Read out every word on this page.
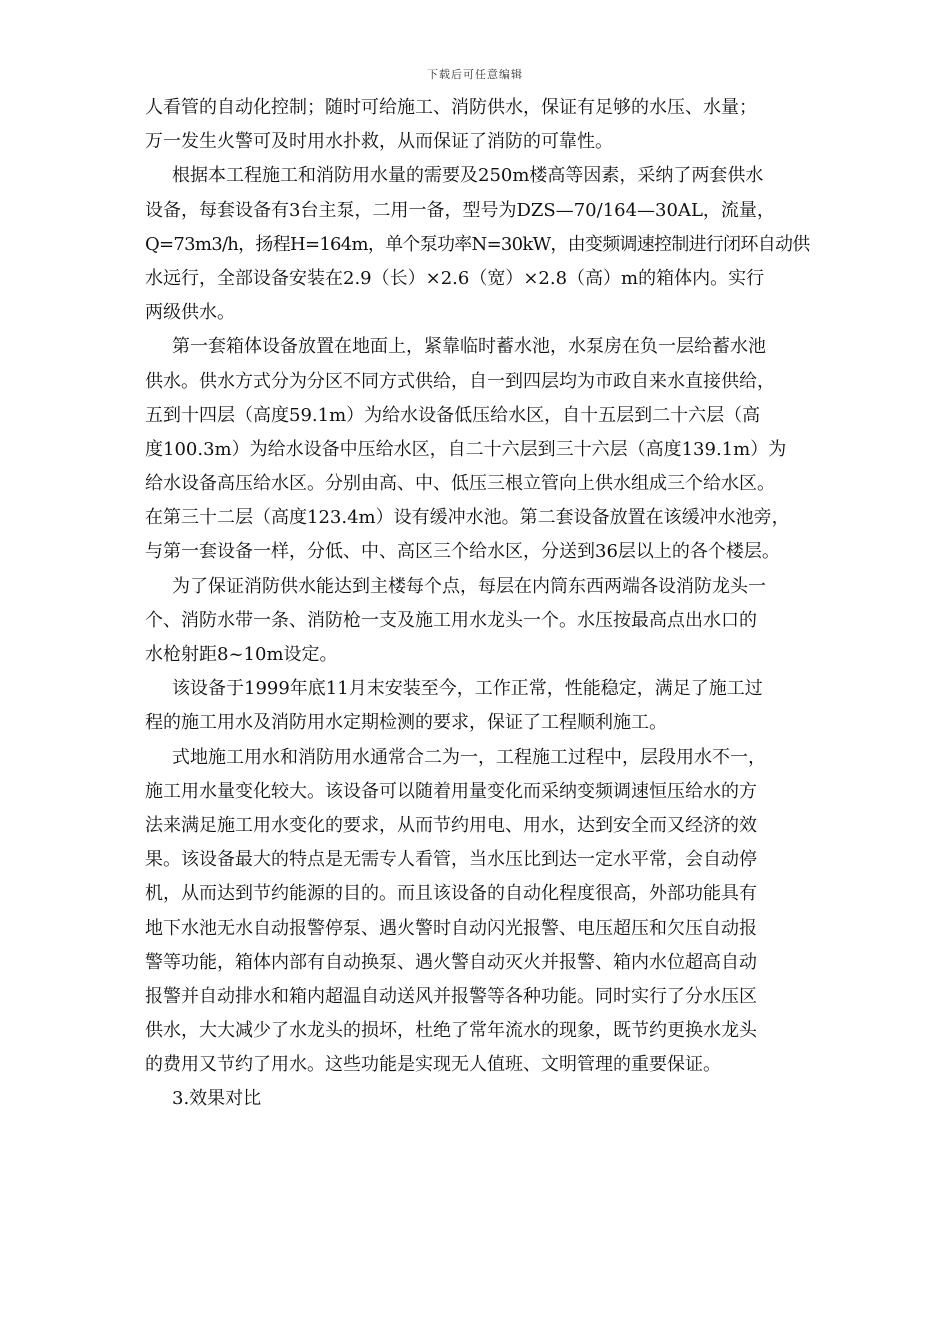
下载后可任意编辑
人看管的自动化控制；随时可给施工、消防供水，保证有足够的水压、水量；
万一发生火警可及时用水扑救，从而保证了消防的可靠性。
根据本工程施工和消防用水量的需要及250m楼高等因素，采纳了两套供水
设备，每套设备有3台主泵，二用一备，型号为DZS—70/164—30AL，流量，
Q=73m3/h，扬程H=164m，单个泵功率N=30kW，由变频调速控制进行闭环自动供
水远行，全部设备安装在2.9（长）×2.6（宽）×2.8（高）m的箱体内。实行
两级供水。
第一套箱体设备放置在地面上，紧靠临时蓄水池，水泵房在负一层给蓄水池
供水。供水方式分为分区不同方式供给，自一到四层均为市政自来水直接供给，
五到十四层（高度59.1m）为给水设备低压给水区，自十五层到二十六层（高
度100.3m）为给水设备中压给水区，自二十六层到三十六层（高度139.1m）为
给水设备高压给水区。分别由高、中、低压三根立管向上供水组成三个给水区。
在第三十二层（高度123.4m）设有缓冲水池。第二套设备放置在该缓冲水池旁，
与第一套设备一样，分低、中、高区三个给水区，分送到36层以上的各个楼层。
为了保证消防供水能达到主楼每个点，每层在内筒东西两端各设消防龙头一
个、消防水带一条、消防枪一支及施工用水龙头一个。水压按最高点出水口的
水枪射距8~10m设定。
该设备于1999年底11月末安装至今，工作正常，性能稳定，满足了施工过
程的施工用水及消防用水定期检测的要求，保证了工程顺利施工。
式地施工用水和消防用水通常合二为一，工程施工过程中，层段用水不一，
施工用水量变化较大。该设备可以随着用量变化而采纳变频调速恒压给水的方
法来满足施工用水变化的要求，从而节约用电、用水，达到安全而又经济的效
果。该设备最大的特点是无需专人看管，当水压比到达一定水平常，会自动停
机，从而达到节约能源的目的。而且该设备的自动化程度很高，外部功能具有
地下水池无水自动报警停泵、遇火警时自动闪光报警、电压超压和欠压自动报
警等功能，箱体内部有自动换泵、遇火警自动灭火并报警、箱内水位超高自动
报警并自动排水和箱内超温自动送风并报警等各种功能。同时实行了分水压区
供水，大大减少了水龙头的损坏，杜绝了常年流水的现象，既节约更换水龙头
的费用又节约了用水。这些功能是实现无人值班、文明管理的重要保证。
3.效果对比
